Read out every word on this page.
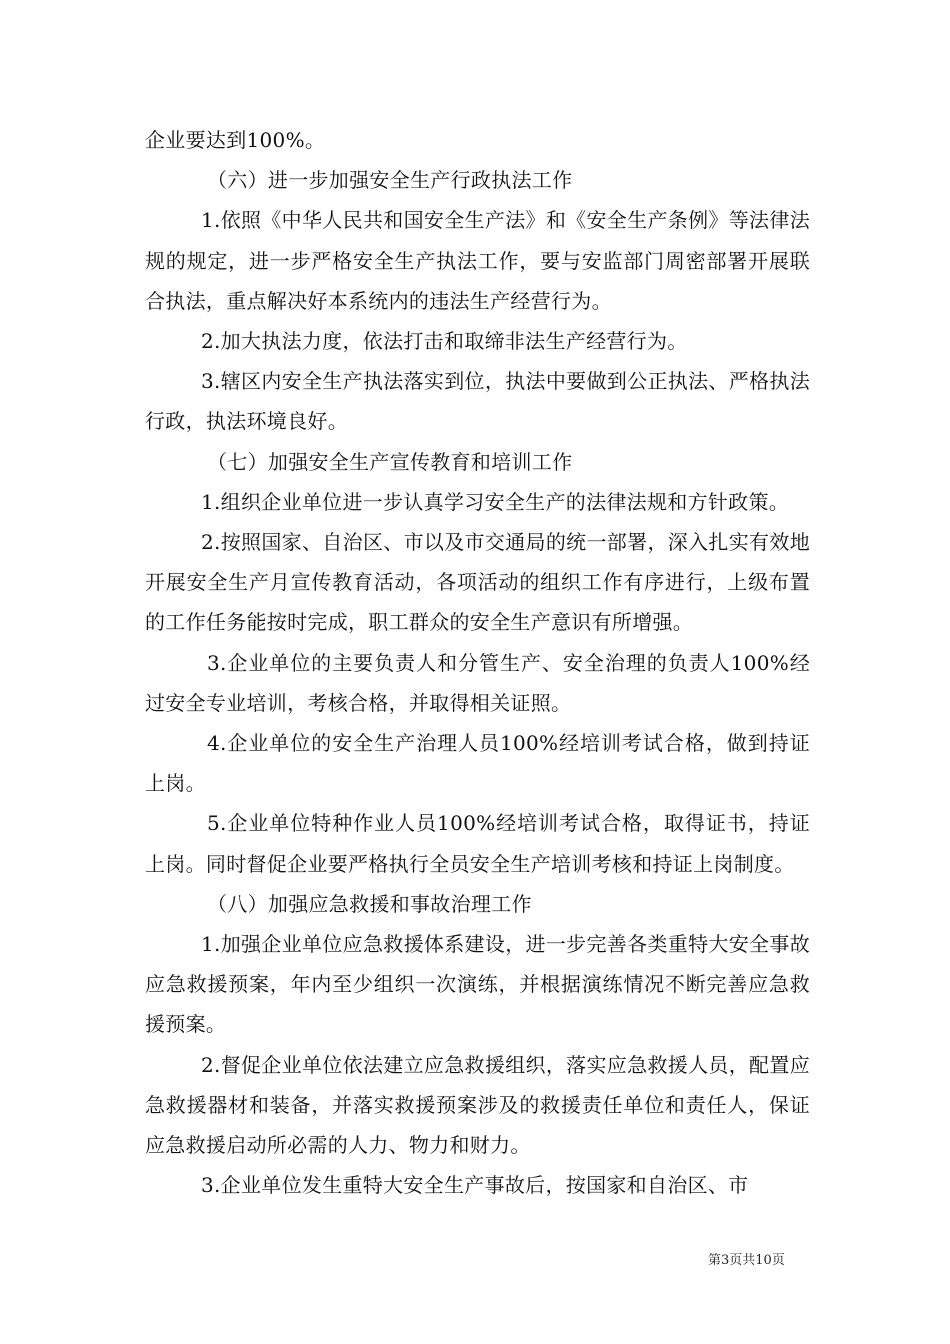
企业要达到100%。

（六）进一步加强安全生产行政执法工作

1.依照《中华人民共和国安全生产法》和《安全生产条例》等法律法规的规定，进一步严格安全生产执法工作，要与安监部门周密部署开展联合执法，重点解决好本系统内的违法生产经营行为。

2.加大执法力度，依法打击和取缔非法生产经营行为。

3.辖区内安全生产执法落实到位，执法中要做到公正执法、严格执法行政，执法环境良好。

（七）加强安全生产宣传教育和培训工作

1.组织企业单位进一步认真学习安全生产的法律法规和方针政策。

2.按照国家、自治区、市以及市交通局的统一部署，深入扎实有效地开展安全生产月宣传教育活动，各项活动的组织工作有序进行，上级布置的工作任务能按时完成，职工群众的安全生产意识有所增强。

3.企业单位的主要负责人和分管生产、安全治理的负责人100%经过安全专业培训，考核合格，并取得相关证照。

4.企业单位的安全生产治理人员100%经培训考试合格，做到持证上岗。

5.企业单位特种作业人员100%经培训考试合格，取得证书，持证上岗。同时督促企业要严格执行全员安全生产培训考核和持证上岗制度。

（八）加强应急救援和事故治理工作

1.加强企业单位应急救援体系建设，进一步完善各类重特大安全事故应急救援预案，年内至少组织一次演练，并根据演练情况不断完善应急救援预案。

2.督促企业单位依法建立应急救援组织，落实应急救援人员，配置应急救援器材和装备，并落实救援预案涉及的救援责任单位和责任人，保证应急救援启动所必需的人力、物力和财力。

3.企业单位发生重特大安全生产事故后，按国家和自治区、市

第3页共10页
